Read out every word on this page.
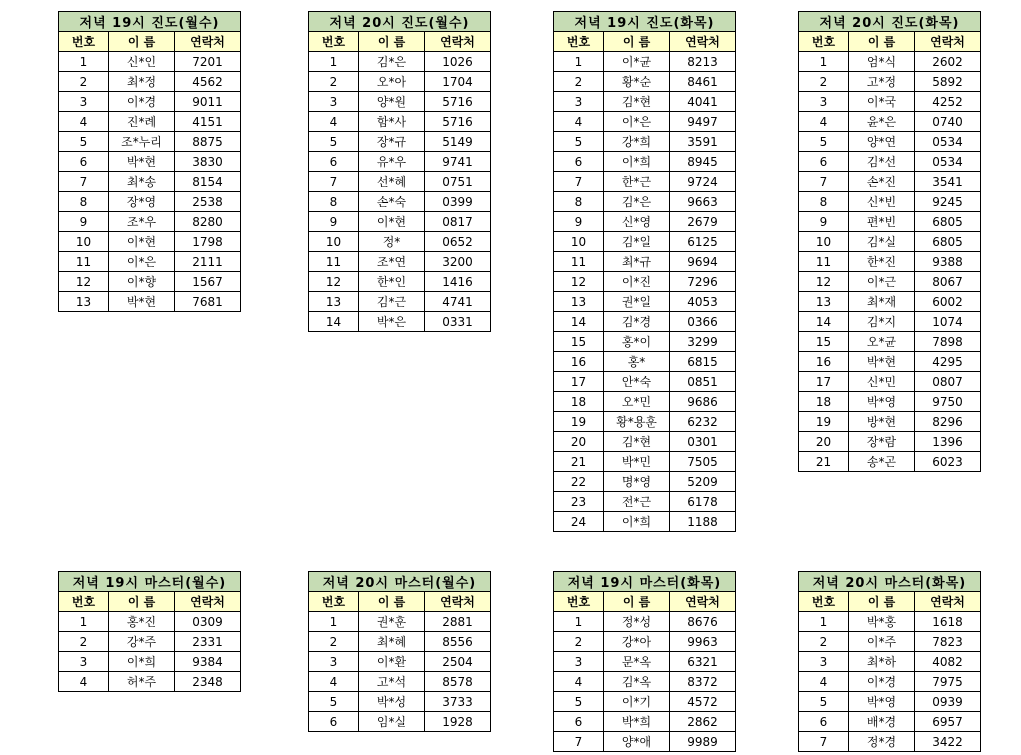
저녁 19시 진도(월수)		
번호	이 름	연락처
1	신*인	7201
2	최*정	4562
3	이*경	9011
4	진*례	4151
5	조*누리	8875
6	박*현	3830
7	최*송	8154
8	장*영	2538
9	조*우	8280
10	이*현	1798
11	이*은	2111
12	이*향	1567
13	박*현	7681
저녁 20시 진도(월수)		
번호	이 름	연락처
1	김*은	1026
2	오*아	1704
3	양*원	5716
4	함*사	5716
5	장*규	5149
6	유*우	9741
7	선*혜	0751
8	손*숙	0399
9	이*현	0817
10	정*	0652
11	조*연	3200
12	한*인	1416
13	김*근	4741
14	박*은	0331
저녁 19시 진도(화목)		
번호	이 름	연락처
1	이*균	8213
2	황*순	8461
3	김*현	4041
4	이*은	9497
5	강*희	3591
6	이*희	8945
7	한*근	9724
8	김*은	9663
9	신*영	2679
10	김*일	6125
11	최*규	9694
12	이*진	7296
13	권*일	4053
14	김*경	0366
15	홍*이	3299
16	홍*	6815
17	안*숙	0851
18	오*민	9686
19	황*용훈	6232
20	김*현	0301
21	박*민	7505
22	명*영	5209
23	전*근	6178
24	이*희	1188
저녁 20시 진도(화목)		
번호	이 름	연락처
1	엄*식	2602
2	고*정	5892
3	이*국	4252
4	윤*은	0740
5	양*연	0534
6	김*선	0534
7	손*진	3541
8	신*빈	9245
9	편*빈	6805
10	김*실	6805
11	한*진	9388
12	이*근	8067
13	최*재	6002
14	김*지	1074
15	오*균	7898
16	박*현	4295
17	신*민	0807
18	박*영	9750
19	방*현	8296
20	장*람	1396
21	송*곤	6023
저녁 19시 마스터(월수)		
번호	이 름	연락처
1	홍*진	0309
2	강*주	2331
3	이*희	9384
4	허*주	2348
저녁 20시 마스터(월수)		
번호	이 름	연락처
1	권*훈	2881
2	최*혜	8556
3	이*환	2504
4	고*석	8578
5	박*성	3733
6	임*실	1928
저녁 19시 마스터(화목)		
번호	이 름	연락처
1	정*성	8676
2	강*아	9963
3	문*옥	6321
4	김*옥	8372
5	이*기	4572
6	박*희	2862
7	양*애	9989
저녁 20시 마스터(화목)		
번호	이 름	연락처
1	박*홍	1618
2	이*주	7823
3	최*하	4082
4	이*경	7975
5	박*영	0939
6	배*경	6957
7	정*경	3422
